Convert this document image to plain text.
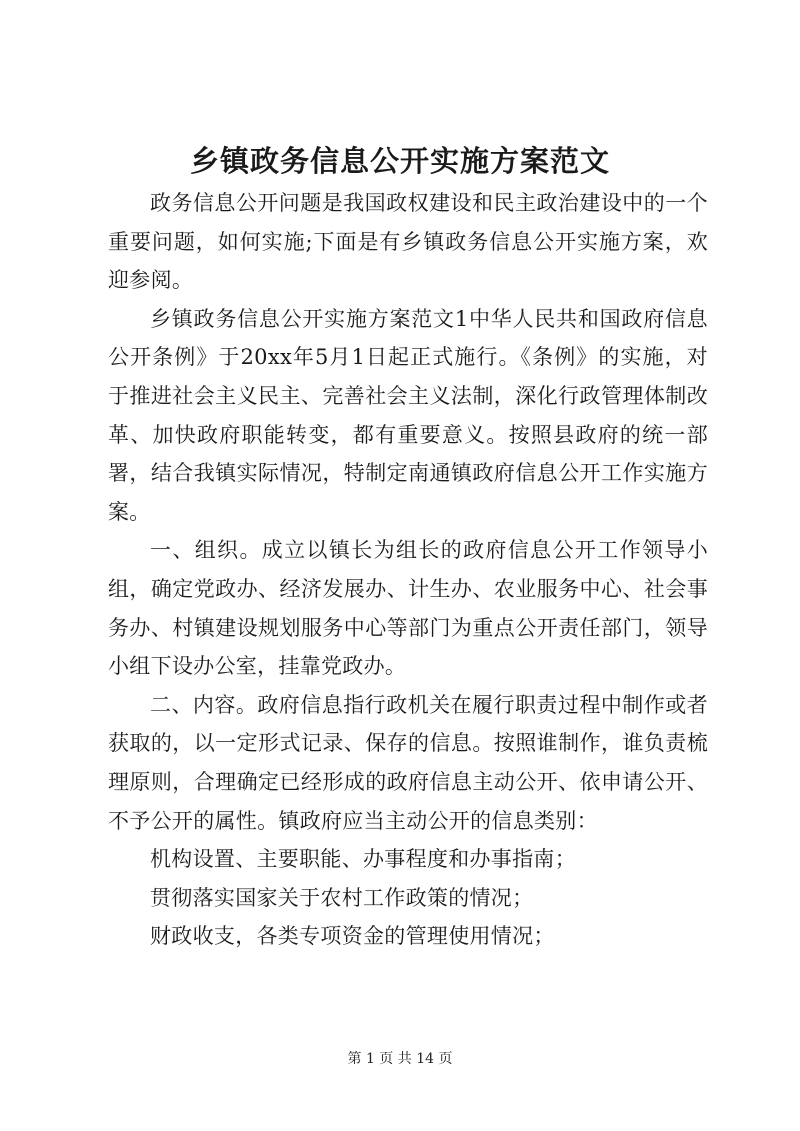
乡镇政务信息公开实施方案范文

政务信息公开问题是我国政权建设和民主政治建设中的一个重要问题，如何实施;下面是有乡镇政务信息公开实施方案，欢迎参阅。

乡镇政务信息公开实施方案范文1中华人民共和国政府信息公开条例》于20xx年5月1日起正式施行。《条例》的实施，对于推进社会主义民主、完善社会主义法制，深化行政管理体制改革、加快政府职能转变，都有重要意义。按照县政府的统一部署，结合我镇实际情况，特制定南通镇政府信息公开工作实施方案。

一、组织。成立以镇长为组长的政府信息公开工作领导小组，确定党政办、经济发展办、计生办、农业服务中心、社会事务办、村镇建设规划服务中心等部门为重点公开责任部门，领导小组下设办公室，挂靠党政办。

二、内容。政府信息指行政机关在履行职责过程中制作或者获取的，以一定形式记录、保存的信息。按照谁制作，谁负责梳理原则，合理确定已经形成的政府信息主动公开、依申请公开、不予公开的属性。镇政府应当主动公开的信息类别：

机构设置、主要职能、办事程度和办事指南；

贯彻落实国家关于农村工作政策的情况；

财政收支，各类专项资金的管理使用情况；

第 1 页 共 14 页
